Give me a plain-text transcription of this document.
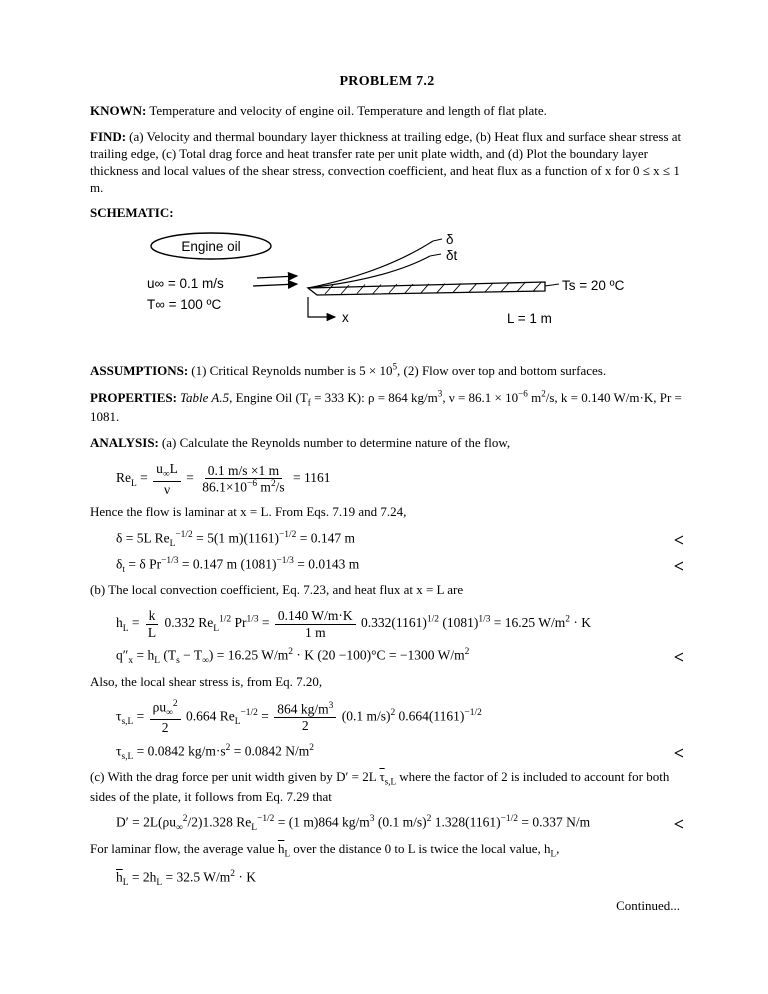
PROBLEM 7.2

KNOWN: Temperature and velocity of engine oil. Temperature and length of flat plate.

FIND: (a) Velocity and thermal boundary layer thickness at trailing edge, (b) Heat flux and surface shear stress at trailing edge, (c) Total drag force and heat transfer rate per unit plate width, and (d) Plot the boundary layer thickness and local values of the shear stress, convection coefficient, and heat flux as a function of x for 0 ≤ x ≤ 1 m.

SCHEMATIC:

Engine oil
u∞ = 0.1 m/s
T∞ = 100 ºC
δ
δt
Ts = 20 ºC
L = 1 m
x

ASSUMPTIONS: (1) Critical Reynolds number is $5 \times 10^5$, (2) Flow over top and bottom surfaces.

PROPERTIES: Table A.5, Engine Oil ($T_f = 333$ K): ρ = 864 $kg/m^3$, $\nu = 86.1 \times 10^{-6}$ $m^2/s$, k = 0.140 W/m·K, Pr = 1081.

ANALYSIS: (a) Calculate the Reynolds number to determine nature of the flow,

$Re_L = \frac{u_\infty L}{\nu} = \frac{0.1 m/s \times 1 m}{86.1\times 10^{-6} m^2/s} = 1161$

Hence the flow is laminar at x = L. From Eqs. 7.19 and 7.24,

δ = 5L $Re_L^{-1/2} = 5(1$ $m)(1161)^{-1/2} = 0.147$ m	<
$\delta_t = \delta$ $Pr^{-1/3} = 0.147$ m $(1081)^{-1/3} = 0.0143$ m	<

(b) The local convection coefficient, Eq. 7.23, and heat flux at x = L are

$h_L = \frac{k}{L} 0.332$ $Re_L^{1/2}$ $Pr^{1/3} = \frac{0.140 W/m\cdot K}{1 m} 0.332(1161)^{1/2}$ $(1081)^{1/3} = 16.25$ $W/m^2 \cdot K$
$q''_x = h_L$ $(T_s - T_\infty) = 16.25$ $W/m^2 \cdot K$ (20 −100)°C = −1300 $W/m^2$	<

Also, the local shear stress is, from Eq. 7.20,

$\tau_{s,L} = \frac{\rho u_\infty^2}{2} 0.664$ $Re_L^{-1/2} = \frac{864 kg/m^3}{2} (0.1$ m/s)$^2$ $0.664(1161)^{-1/2}$
$\tau_{s,L} = 0.0842$ $kg/m\cdot s^2 = 0.0842$ $N/m^2$	<

(c) With the drag force per unit width given by D′ = 2L $\overline{\tau}_{s,L}$ where the factor of 2 is included to account for both sides of the plate, it follows from Eq. 7.29 that

$D' = 2L(\rho u_\infty^2/2)1.328$ $Re_L^{-1/2} = (1$ m)864 $kg/m^3$ (0.1 m/s)$^2$ $1.328(1161)^{-1/2} = 0.337$ N/m	<

For laminar flow, the average value $\overline{h}_L$ over the distance 0 to L is twice the local value, $h_L$,

$\overline{h}_L = 2h_L = 32.5$ $W/m^2 \cdot K$

Continued...
